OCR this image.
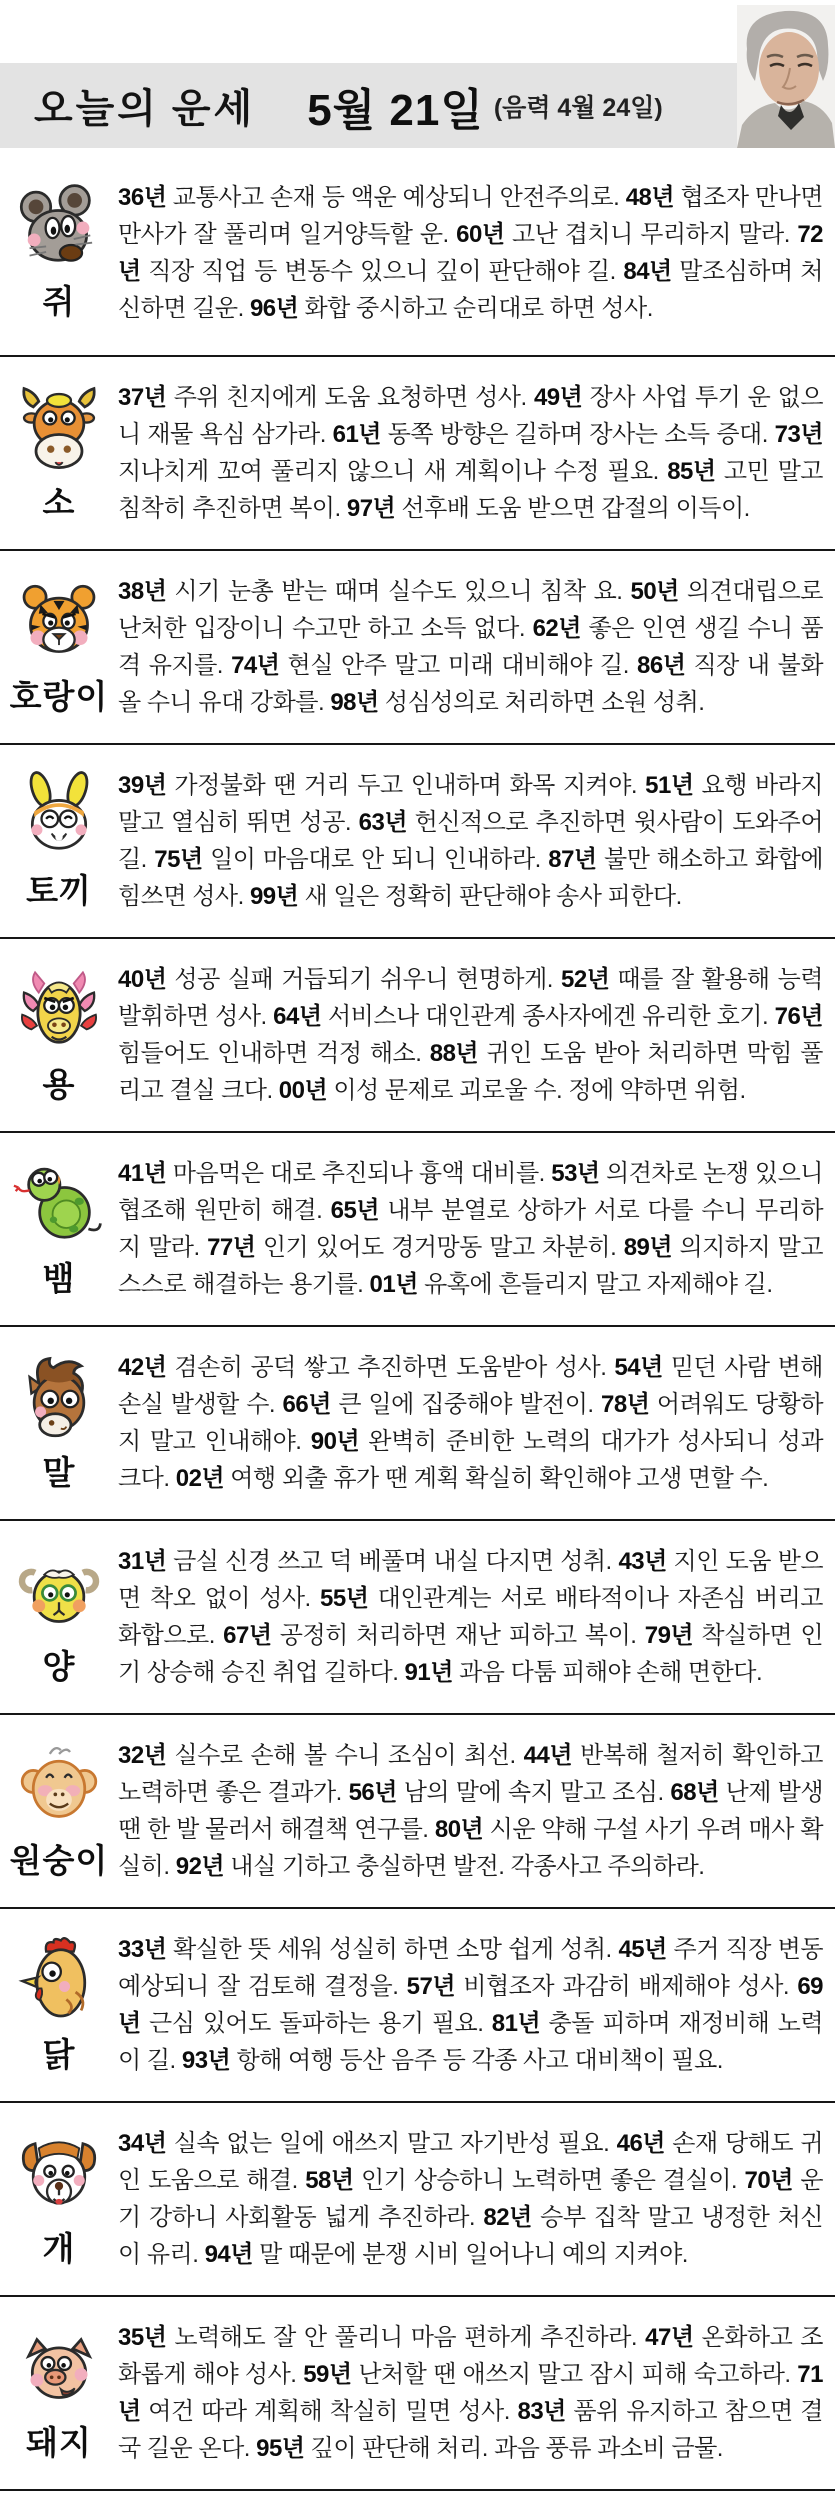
오늘의 운세 5월 21일 (음력 4월 24일)
쥐

36년 교통사고 손재 등 액운 예상되니 안전주의로. 48년 협조자 만나면 만사가 잘 풀리며 일거양득할 운. 60년 고난 겹치니 무리하지 말라. 72년 직장 직업 등 변동수 있으니 깊이 판단해야 길. 84년 말조심하며 처신하면 길운. 96년 화합 중시하고 순리대로 하면 성사.

소

37년 주위 친지에게 도움 요청하면 성사. 49년 장사 사업 투기 운 없으니 재물 욕심 삼가라. 61년 동쪽 방향은 길하며 장사는 소득 증대. 73년 지나치게 꼬여 풀리지 않으니 새 계획이나 수정 필요. 85년 고민 말고 침착히 추진하면 복이. 97년 선후배 도움 받으면 갑절의 이득이.

호랑이

38년 시기 눈총 받는 때며 실수도 있으니 침착 요. 50년 의견대립으로 난처한 입장이니 수고만 하고 소득 없다. 62년 좋은 인연 생길 수니 품격 유지를. 74년 현실 안주 말고 미래 대비해야 길. 86년 직장 내 불화 올 수니 유대 강화를. 98년 성심성의로 처리하면 소원 성취.

토끼

39년 가정불화 땐 거리 두고 인내하며 화목 지켜야. 51년 요행 바라지 말고 열심히 뛰면 성공. 63년 헌신적으로 추진하면 윗사람이 도와주어 길. 75년 일이 마음대로 안 되니 인내하라. 87년 불만 해소하고 화합에 힘쓰면 성사. 99년 새 일은 정확히 판단해야 송사 피한다.

용

40년 성공 실패 거듭되기 쉬우니 현명하게. 52년 때를 잘 활용해 능력 발휘하면 성사. 64년 서비스나 대인관계 종사자에겐 유리한 호기. 76년 힘들어도 인내하면 걱정 해소. 88년 귀인 도움 받아 처리하면 막힘 풀리고 결실 크다. 00년 이성 문제로 괴로울 수. 정에 약하면 위험.

뱀

41년 마음먹은 대로 추진되나 흉액 대비를. 53년 의견차로 논쟁 있으니 협조해 원만히 해결. 65년 내부 분열로 상하가 서로 다를 수니 무리하지 말라. 77년 인기 있어도 경거망동 말고 차분히. 89년 의지하지 말고 스스로 해결하는 용기를. 01년 유혹에 흔들리지 말고 자제해야 길.

말

42년 겸손히 공덕 쌓고 추진하면 도움받아 성사. 54년 믿던 사람 변해 손실 발생할 수. 66년 큰 일에 집중해야 발전이. 78년 어려워도 당황하지 말고 인내해야. 90년 완벽히 준비한 노력의 대가가 성사되니 성과 크다. 02년 여행 외출 휴가 땐 계획 확실히 확인해야 고생 면할 수.

양

31년 금실 신경 쓰고 덕 베풀며 내실 다지면 성취. 43년 지인 도움 받으면 착오 없이 성사. 55년 대인관계는 서로 배타적이나 자존심 버리고 화합으로. 67년 공정히 처리하면 재난 피하고 복이. 79년 착실하면 인기 상승해 승진 취업 길하다. 91년 과음 다툼 피해야 손해 면한다.

원숭이

32년 실수로 손해 볼 수니 조심이 최선. 44년 반복해 철저히 확인하고 노력하면 좋은 결과가. 56년 남의 말에 속지 말고 조심. 68년 난제 발생 땐 한 발 물러서 해결책 연구를. 80년 시운 약해 구설 사기 우려 매사 확실히. 92년 내실 기하고 충실하면 발전. 각종사고 주의하라.

닭

33년 확실한 뜻 세워 성실히 하면 소망 쉽게 성취. 45년 주거 직장 변동 예상되니 잘 검토해 결정을. 57년 비협조자 과감히 배제해야 성사. 69년 근심 있어도 돌파하는 용기 필요. 81년 충돌 피하며 재정비해 노력이 길. 93년 항해 여행 등산 음주 등 각종 사고 대비책이 필요.

개

34년 실속 없는 일에 애쓰지 말고 자기반성 필요. 46년 손재 당해도 귀인 도움으로 해결. 58년 인기 상승하니 노력하면 좋은 결실이. 70년 운기 강하니 사회활동 넓게 추진하라. 82년 승부 집착 말고 냉정한 처신이 유리. 94년 말 때문에 분쟁 시비 일어나니 예의 지켜야.

돼지

35년 노력해도 잘 안 풀리니 마음 편하게 추진하라. 47년 온화하고 조화롭게 해야 성사. 59년 난처할 땐 애쓰지 말고 잠시 피해 숙고하라. 71년 여건 따라 계획해 착실히 밀면 성사. 83년 품위 유지하고 참으면 결국 길운 온다. 95년 깊이 판단해 처리. 과음 풍류 과소비 금물.
